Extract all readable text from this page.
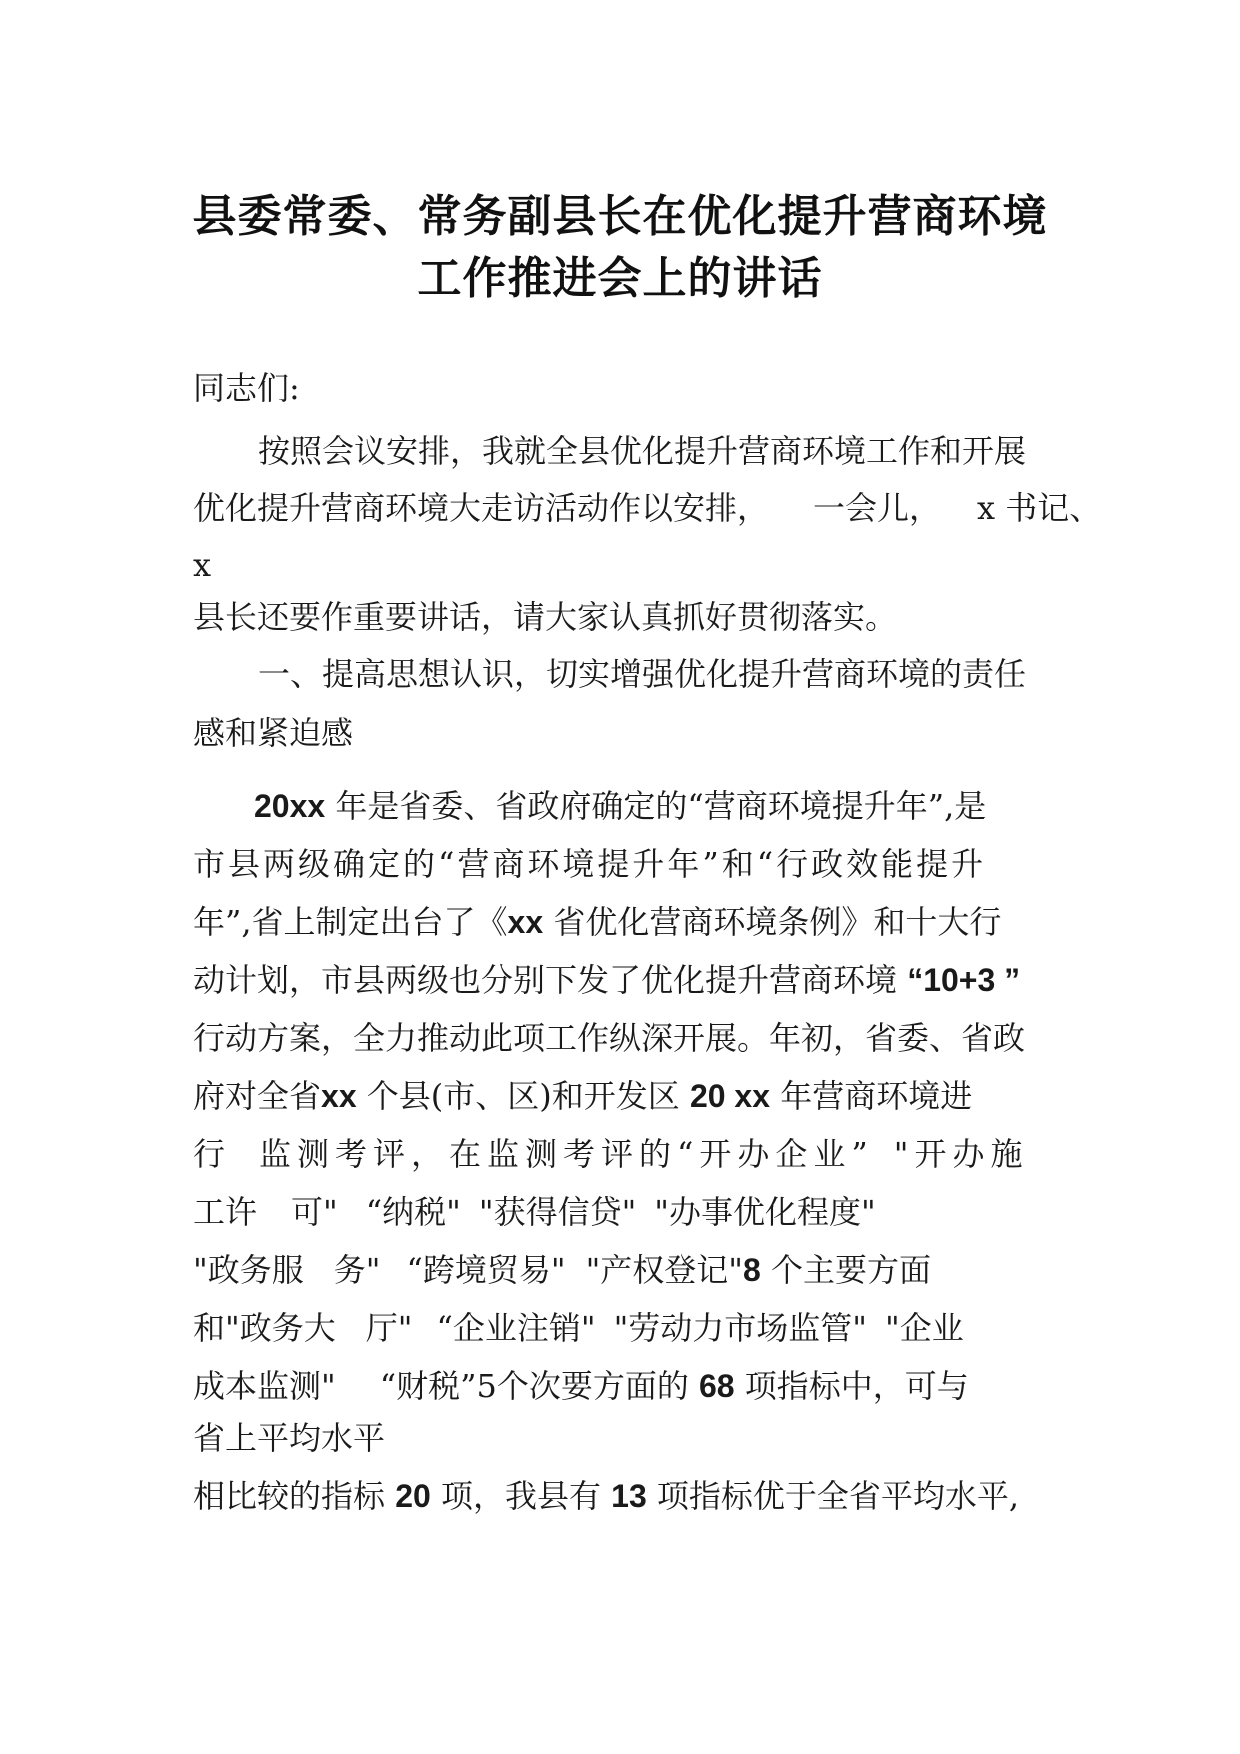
县委常委、常务副县长在优化提升营商环境
工作推进会上的讲话

同志们:

按照会议安排，我就全县优化提升营商环境工作和开展

优化提升营商环境大走访活动作以安排， 一会儿， x 书记、

x

县长还要作重要讲话，请大家认真抓好贯彻落实。

一、提高思想认识，切实增强优化提升营商环境的责任

感和紧迫感

20xx 年是省委、省政府确定的“营商环境提升年”,是

市县两级确定的“营商环境提升年”和“行政效能提升

年”,省上制定出台了《xx 省优化营商环境条例》和十大行

动计划，市县两级也分别下发了优化提升营商环境 “10+3 ”

行动方案，全力推动此项工作纵深开展。年初，省委、省政

府对全省xx 个县(市、区)和开发区 20 xx 年营商环境进

行 监测考评，在监测考评的“开办企业” "开办施

工许 可" “纳税" "获得信贷" "办事优化程度"

"政务服 务" “跨境贸易" "产权登记"8 个主要方面

和"政务大 厅" “企业注销" "劳动力市场监管" "企业

成本监测" “财税”5个次要方面的 68 项指标中，可与

省上平均水平

相比较的指标 20 项，我县有 13 项指标优于全省平均水平,
